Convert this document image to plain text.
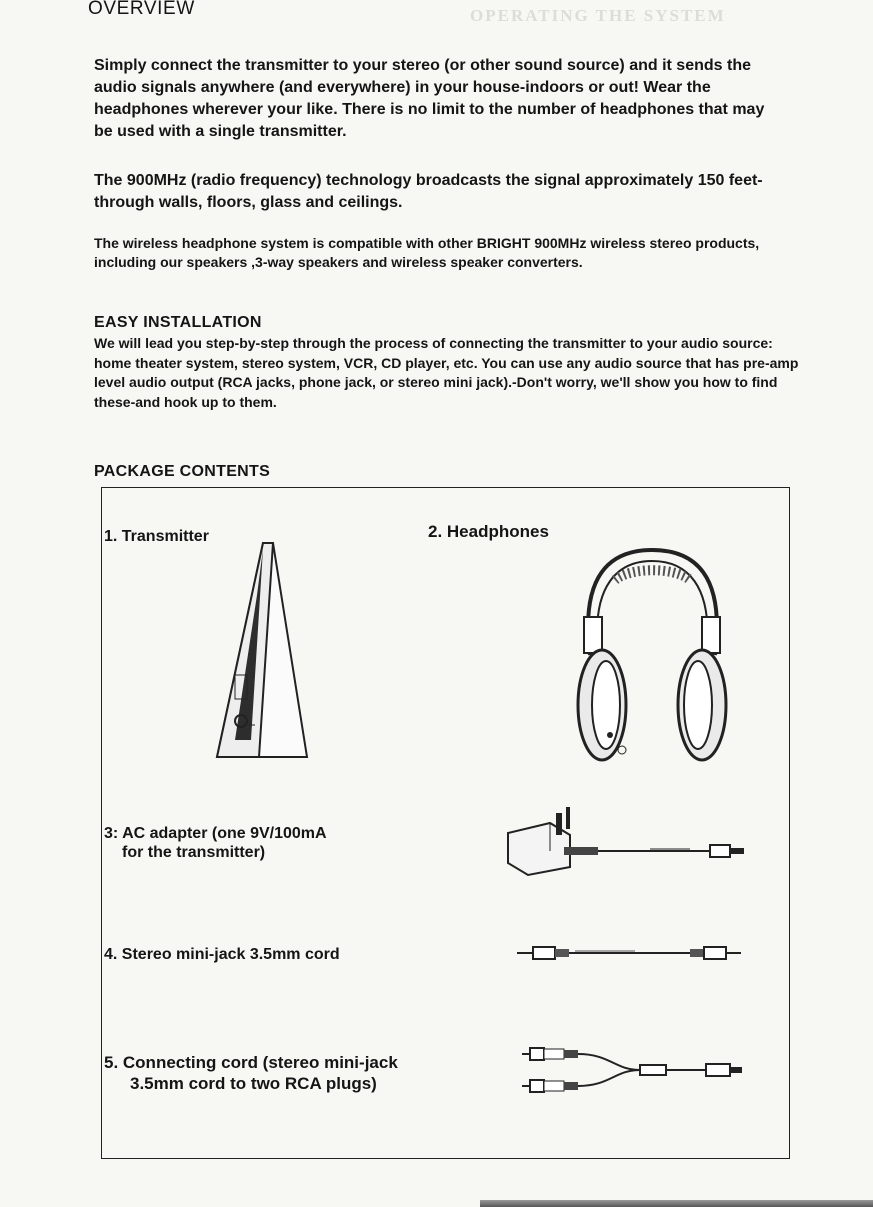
OPERATING THE SYSTEM
OVERVIEW
Simply connect the transmitter to your stereo (or other sound source) and it sends the audio signals anywhere (and everywhere) in your house-indoors or out! Wear the headphones wherever your like. There is no limit to the number of headphones that may be used with a single transmitter.
The 900MHz (radio frequency) technology broadcasts the signal approximately 150 feet-through walls, floors, glass and ceilings.
The wireless headphone system is compatible with other BRIGHT 900MHz wireless stereo products, including our speakers ,3-way speakers and wireless speaker converters.
EASY INSTALLATION
We will lead you step-by-step through the process of connecting the transmitter to your audio source: home theater system, stereo system, VCR, CD player, etc. You can use any audio source that has pre-amp level audio output (RCA jacks, phone jack, or stereo mini jack).-Don't worry, we'll show you how to find these-and hook up to them.
PACKAGE CONTENTS
1. Transmitter	2. Headphones
3: AC adapter (one 9V/100mA
for the transmitter)
4. Stereo mini-jack 3.5mm cord
5. Connecting cord (stereo mini-jack
3.5mm cord to two RCA plugs)
